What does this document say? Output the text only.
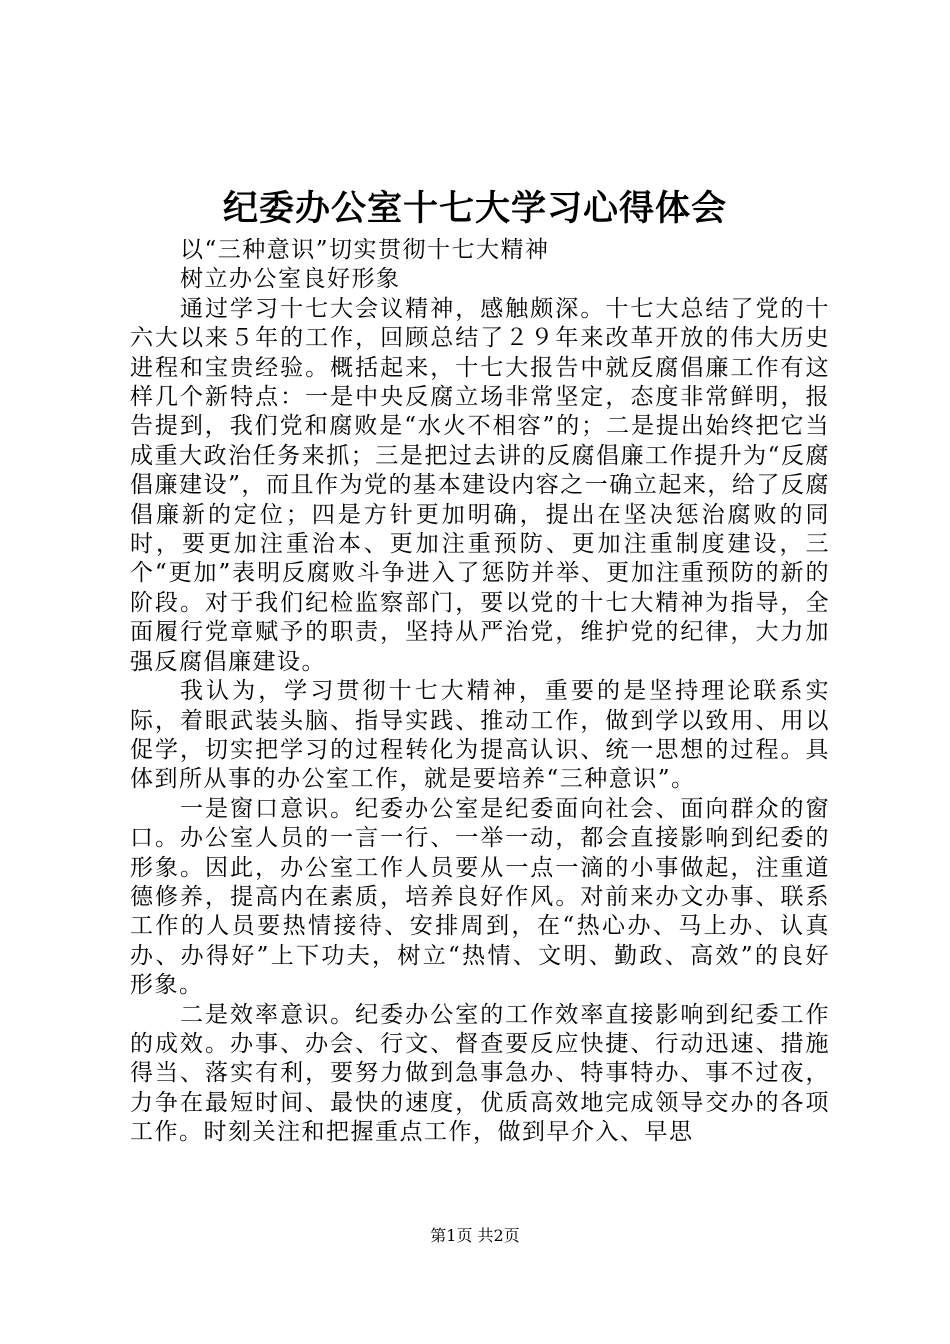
纪委办公室十七大学习心得体会

以“三种意识”切实贯彻十七大精神

树立办公室良好形象

通过学习十七大会议精神，感触颇深。十七大总结了党的十六大以来５年的工作，回顾总结了２９年来改革开放的伟大历史进程和宝贵经验。概括起来，十七大报告中就反腐倡廉工作有这样几个新特点：一是中央反腐立场非常坚定，态度非常鲜明，报告提到，我们党和腐败是“水火不相容”的；二是提出始终把它当成重大政治任务来抓；三是把过去讲的反腐倡廉工作提升为“反腐倡廉建设”，而且作为党的基本建设内容之一确立起来，给了反腐倡廉新的定位；四是方针更加明确，提出在坚决惩治腐败的同时，要更加注重治本、更加注重预防、更加注重制度建设，三个“更加”表明反腐败斗争进入了惩防并举、更加注重预防的新的阶段。对于我们纪检监察部门，要以党的十七大精神为指导，全面履行党章赋予的职责，坚持从严治党，维护党的纪律，大力加强反腐倡廉建设。

我认为，学习贯彻十七大精神，重要的是坚持理论联系实际，着眼武装头脑、指导实践、推动工作，做到学以致用、用以促学，切实把学习的过程转化为提高认识、统一思想的过程。具体到所从事的办公室工作，就是要培养“三种意识”。

一是窗口意识。纪委办公室是纪委面向社会、面向群众的窗口。办公室人员的一言一行、一举一动，都会直接影响到纪委的形象。因此，办公室工作人员要从一点一滴的小事做起，注重道德修养，提高内在素质，培养良好作风。对前来办文办事、联系工作的人员要热情接待、安排周到，在“热心办、马上办、认真办、办得好”上下功夫，树立“热情、文明、勤政、高效”的良好形象。

二是效率意识。纪委办公室的工作效率直接影响到纪委工作的成效。办事、办会、行文、督查要反应快捷、行动迅速、措施得当、落实有利，要努力做到急事急办、特事特办、事不过夜，力争在最短时间、最快的速度，优质高效地完成领导交办的各项工作。时刻关注和把握重点工作，做到早介入、早思

第1页 共2页
